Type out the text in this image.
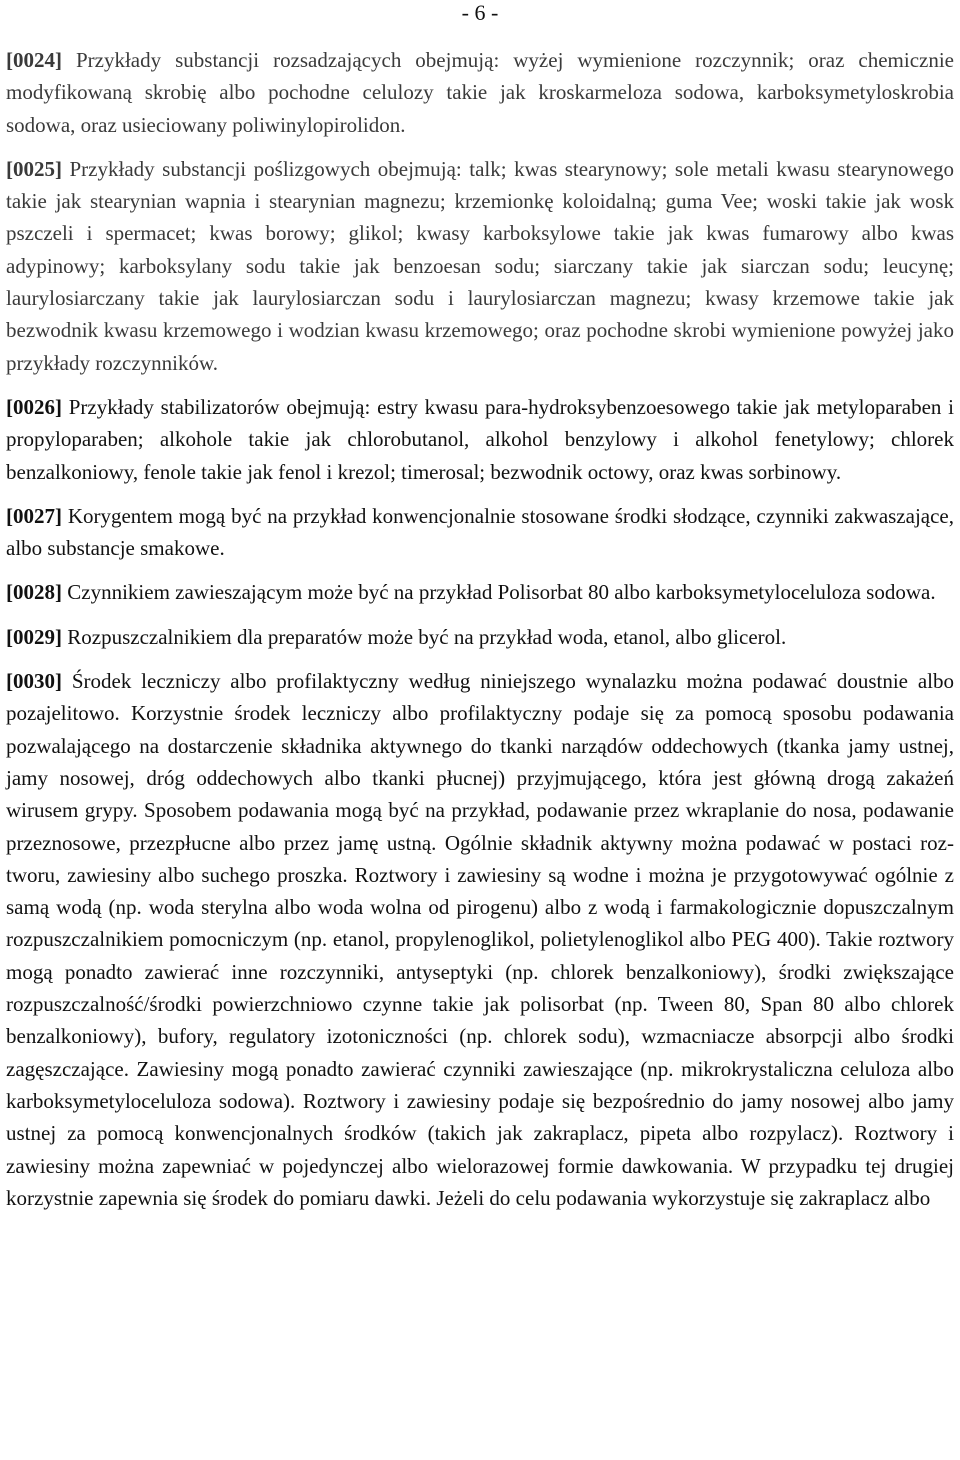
- 6 -

[0024] Przykłady substancji rozsadzających obejmują: wyżej wymienione rozczynnik; oraz chemicznie modyfikowaną skrobię albo pochodne celulozy takie jak kroskarmeloza sodowa, karboksymetyloskrobia sodowa, oraz usieciowany poliwinylopirolidon.

[0025] Przykłady substancji poślizgowych obejmują: talk; kwas stearynowy; sole metali kwasu stearynowego takie jak stearynian wapnia i stearynian magnezu; krzemionkę koloidalną; guma Vee; woski takie jak wosk pszczeli i spermacet; kwas borowy; glikol; kwasy karboksylowe takie jak kwas fumarowy albo kwas adypinowy; karboksylany sodu takie jak benzoesan sodu; siarczany takie jak siarczan sodu; leucynę; laurylosiarczany takie jak laurylosiarczan sodu i laurylosiarczan magnezu; kwasy krzemowe takie jak bezwodnik kwasu krzemowego i wodzian kwasu krzemowego; oraz pochodne skrobi wymienione powyżej jako przykłady rozczynników.

[0026] Przykłady stabilizatorów obejmują: estry kwasu para-hydroksybenzoesowego takie jak metyloparaben i propyloparaben; alkohole takie jak chlorobutanol, alkohol benzylowy i alkohol fenetylowy; chlorek benzalkoniowy, fenole takie jak fenol i krezol; timerosal; bezwodnik octowy, oraz kwas sorbinowy.

[0027] Korygentem mogą być na przykład konwencjonalnie stosowane środki słodzące, czynniki zakwaszające, albo substancje smakowe.

[0028] Czynnikiem zawieszającym może być na przykład Polisorbat 80 albo karboksymetyloceluloza sodowa.

[0029] Rozpuszczalnikiem dla preparatów może być na przykład woda, etanol, albo glicerol.

[0030] Środek leczniczy albo profilaktyczny według niniejszego wynalazku można podawać doustnie albo pozajelitowo. Korzystnie środek leczniczy albo profilaktyczny podaje się za pomocą sposobu podawania pozwalającego na dostarczenie składnika aktywnego do tkanki narządów oddechowych (tkanka jamy ustnej, jamy nosowej, dróg oddechowych albo tkanki płucnej) przyjmującego, która jest główną drogą zakażeń wirusem grypy. Sposobem podawania mogą być na przykład, podawanie przez wkraplanie do nosa, podawanie przeznosowe, przezpłucne albo przez jamę ustną. Ogólnie składnik aktywny można podawać w postaci roztworu, zawiesiny albo suchego proszka. Roztwory i zawiesiny są wodne i można je przygotowywać ogólnie z samą wodą (np. woda sterylna albo woda wolna od pirogenu) albo z wodą i farmakologicznie dopuszczalnym rozpuszczalnikiem pomocniczym (np. etanol, propylenoglikol, polietylenoglikol albo PEG 400). Takie roztwory mogą ponadto zawierać inne rozczynniki, antyseptyki (np. chlorek benzalkoniowy), środki zwiększające rozpuszczalność/środki powierzchniowo czynne takie jak polisorbat (np. Tween 80, Span 80 albo chlorek benzalkoniowy), bufory, regulatory izotoniczności (np. chlorek sodu), wzmacniacze absorpcji albo środki zagęszczające. Zawiesiny mogą ponadto zawierać czynniki zawieszające (np. mikrokrystaliczna celuloza albo karboksymetyloceluloza sodowa). Roztwory i zawiesiny podaje się bezpośrednio do jamy nosowej albo jamy ustnej za pomocą konwencjonalnych środków (takich jak zakraplacz, pipeta albo rozpylacz). Roztwory i zawiesiny można zapewniać w pojedynczej albo wielorazowej formie dawkowania. W przypadku tej drugiej korzystnie zapewnia się środek do pomiaru dawki. Jeżeli do celu podawania wykorzystuje się zakraplacz albo
